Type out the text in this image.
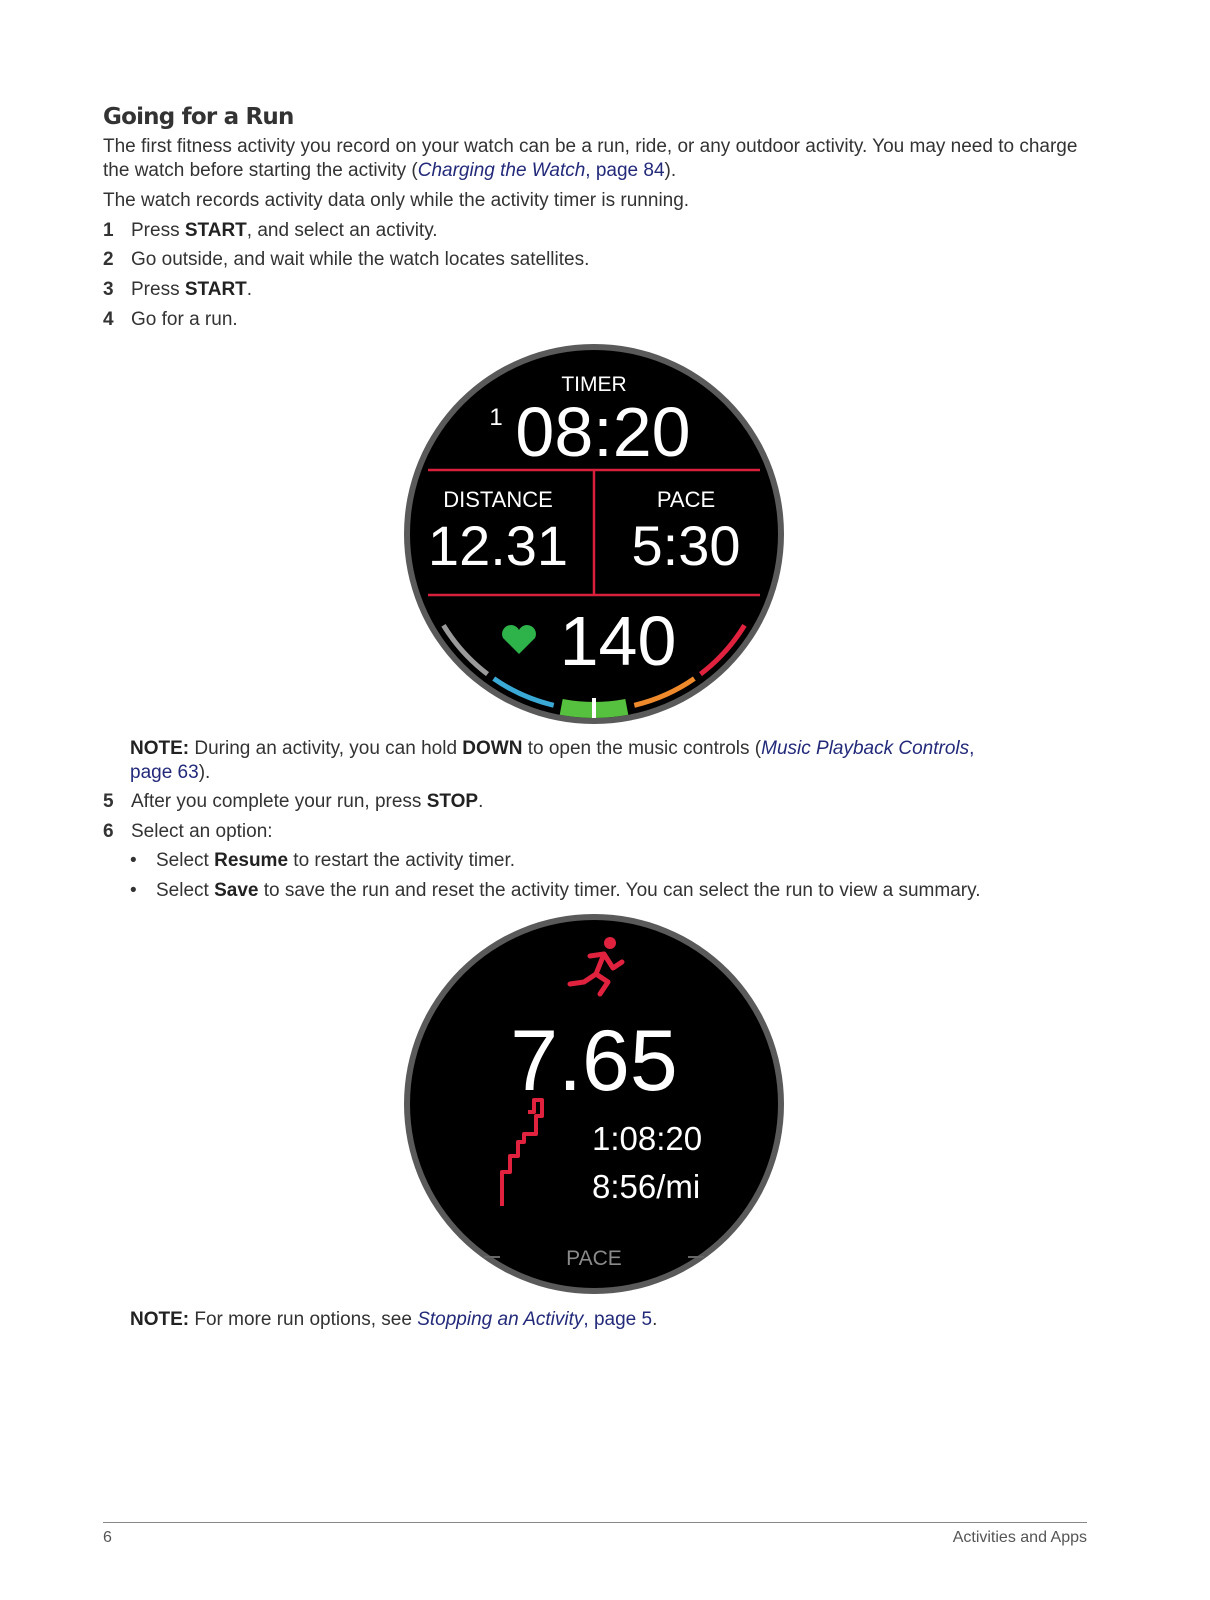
Going for a Run
The first fitness activity you record on your watch can be a run, ride, or any outdoor activity. You may need to charge the watch before starting the activity (Charging the Watch, page 84).
The watch records activity data only while the activity timer is running.
1 Press START, and select an activity.
2 Go outside, and wait while the watch locates satellites.
3 Press START.
4 Go for a run.
TIMER
1 08:20
DISTANCE
12.31
PACE
5:30
140
NOTE: During an activity, you can hold DOWN to open the music controls (Music Playback Controls,
page 63).
5 After you complete your run, press STOP.
6 Select an option:
• Select Resume to restart the activity timer.
• Select Save to save the run and reset the activity timer. You can select the run to view a summary.
7.65
1:08:20
8:56/mi
PACE
NOTE: For more run options, see Stopping an Activity, page 5.
6	Activities and Apps
